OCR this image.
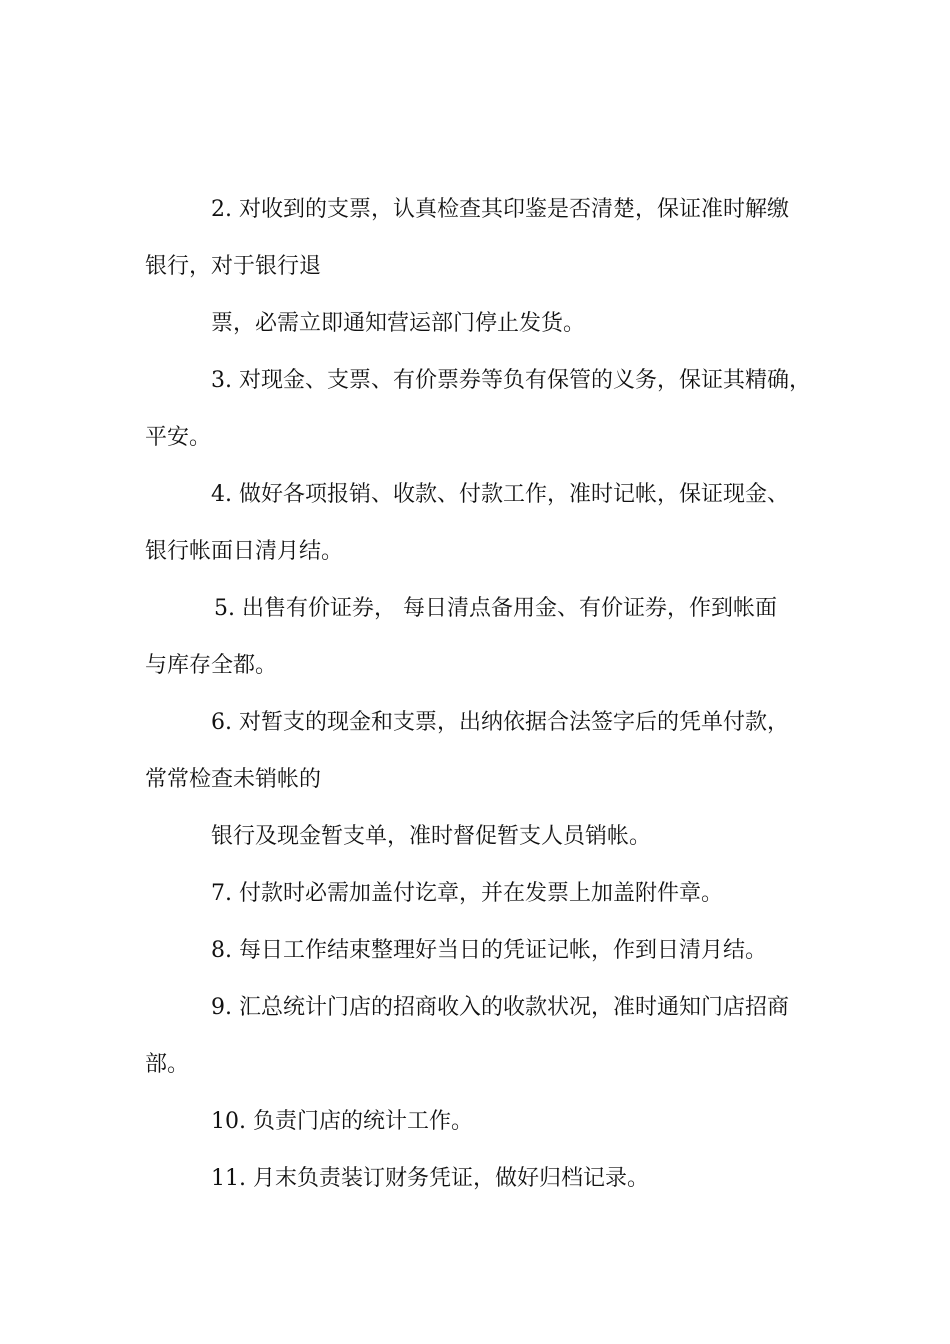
2. 对收到的支票，认真检查其印鉴是否清楚，保证准时解缴
银行，对于银行退
票，必需立即通知营运部门停止发货。
3. 对现金、支票、有价票券等负有保管的义务，保证其精确，
平安。
4. 做好各项报销、收款、付款工作，准时记帐，保证现金、
银行帐面日清月结。
5. 出售有价证券， 每日清点备用金、有价证券，作到帐面
与库存全都。
6. 对暂支的现金和支票，出纳依据合法签字后的凭单付款，
常常检查未销帐的
银行及现金暂支单，准时督促暂支人员销帐。
7. 付款时必需加盖付讫章，并在发票上加盖附件章。
8. 每日工作结束整理好当日的凭证记帐，作到日清月结。
9. 汇总统计门店的招商收入的收款状况，准时通知门店招商
部。
10. 负责门店的统计工作。
11. 月末负责装订财务凭证，做好归档记录。
